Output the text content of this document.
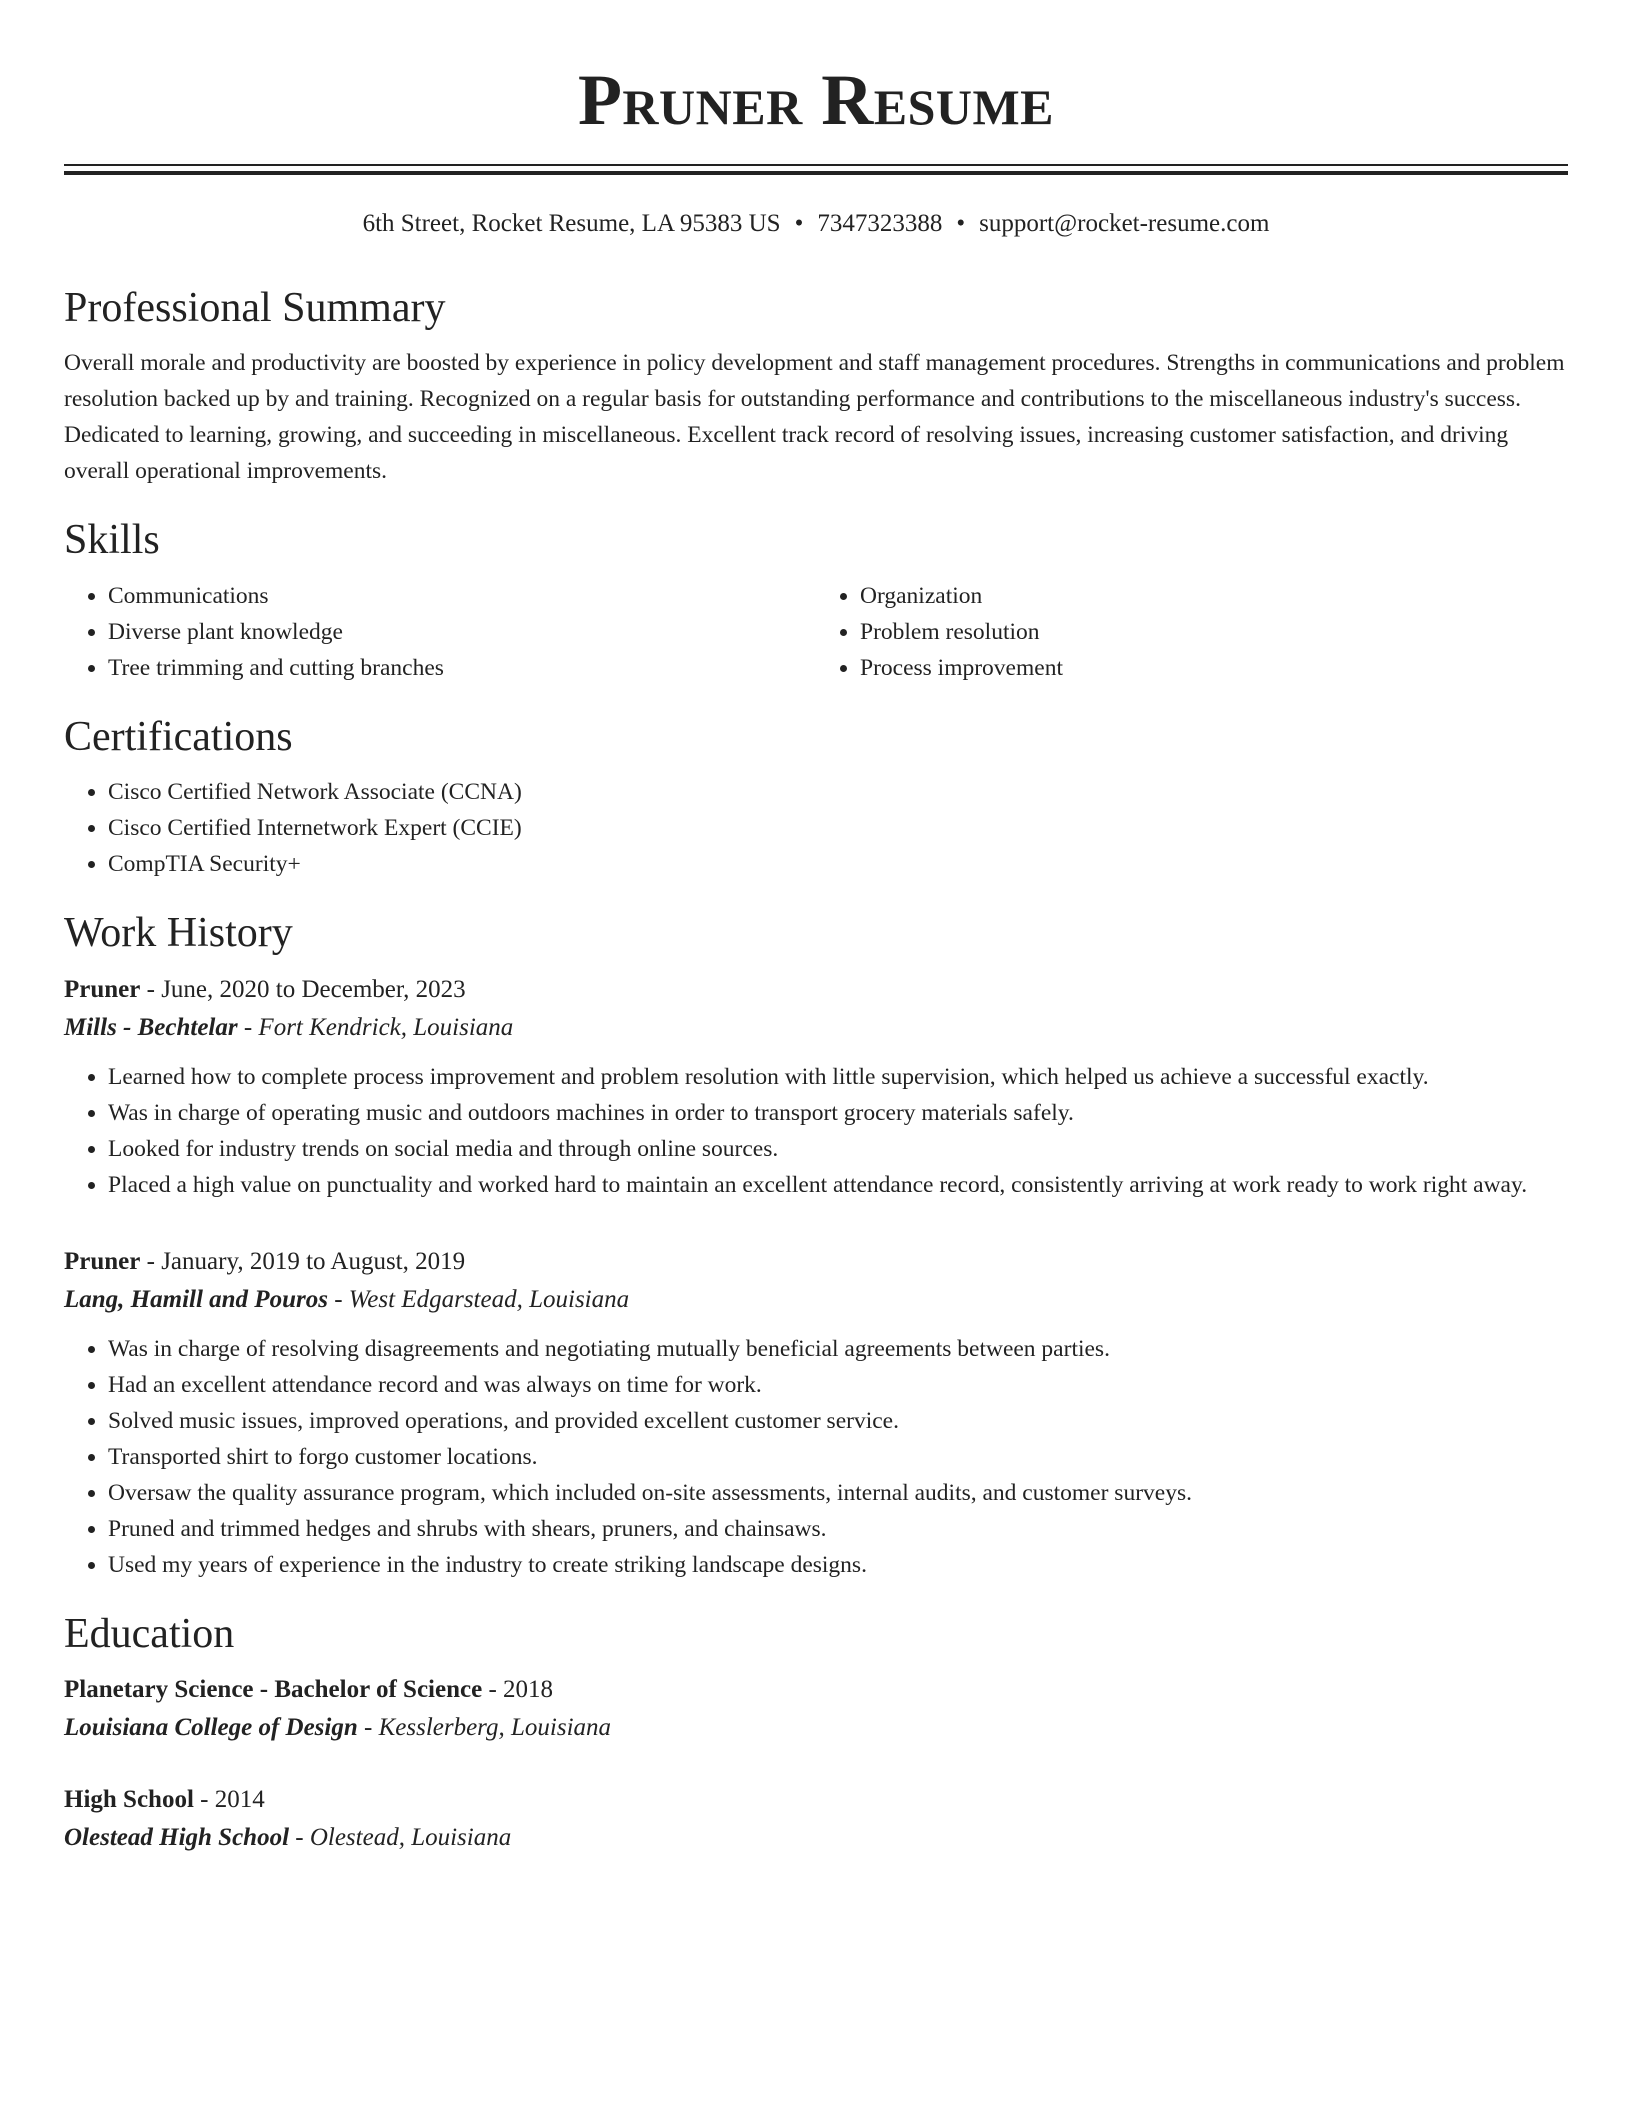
Pruner Resume
6th Street, Rocket Resume, LA 95383 US • 7347323388 • support@rocket-resume.com
Professional Summary

Overall morale and productivity are boosted by experience in policy development and staff management procedures. Strengths in communications and problem resolution backed up by and training. Recognized on a regular basis for outstanding performance and contributions to the miscellaneous industry's success. Dedicated to learning, growing, and succeeding in miscellaneous. Excellent track record of resolving issues, increasing customer satisfaction, and driving overall operational improvements.

Skills
• Communications
• Diverse plant knowledge
• Tree trimming and cutting branches
• Organization
• Problem resolution
• Process improvement
Certifications
• Cisco Certified Network Associate (CCNA)
• Cisco Certified Internetwork Expert (CCIE)
• CompTIA Security+
Work History
Pruner - June, 2020 to December, 2023
Mills - Bechtelar - Fort Kendrick, Louisiana
• Learned how to complete process improvement and problem resolution with little supervision, which helped us achieve a successful exactly.
• Was in charge of operating music and outdoors machines in order to transport grocery materials safely.
• Looked for industry trends on social media and through online sources.
• Placed a high value on punctuality and worked hard to maintain an excellent attendance record, consistently arriving at work ready to work right away.
Pruner - January, 2019 to August, 2019
Lang, Hamill and Pouros - West Edgarstead, Louisiana
• Was in charge of resolving disagreements and negotiating mutually beneficial agreements between parties.
• Had an excellent attendance record and was always on time for work.
• Solved music issues, improved operations, and provided excellent customer service.
• Transported shirt to forgo customer locations.
• Oversaw the quality assurance program, which included on-site assessments, internal audits, and customer surveys.
• Pruned and trimmed hedges and shrubs with shears, pruners, and chainsaws.
• Used my years of experience in the industry to create striking landscape designs.
Education
Planetary Science - Bachelor of Science - 2018
Louisiana College of Design - Kesslerberg, Louisiana
High School - 2014
Olestead High School - Olestead, Louisiana
